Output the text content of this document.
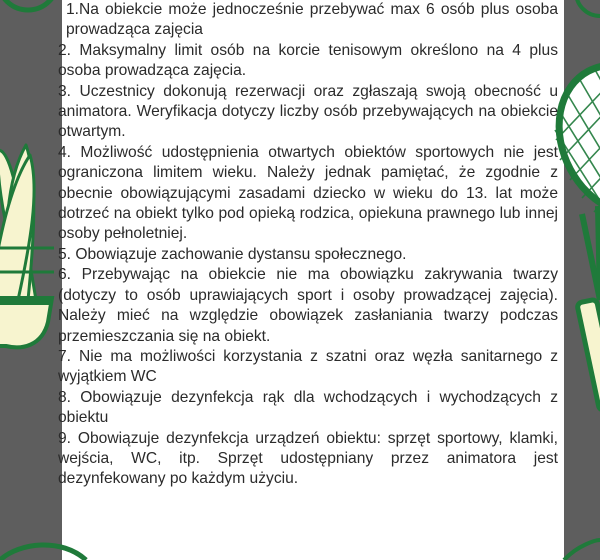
1.Na obiekcie może jednocześnie przebywać max 6 osób plus osoba prowadząca zajęcia

2. Maksymalny limit osób na korcie tenisowym określono na 4 plus osoba prowadząca zajęcia.

3. Uczestnicy dokonują rezerwacji oraz zgłaszają swoją obecność u animatora. Weryfikacja dotyczy liczby osób przebywających na obiekcie otwartym.

4. Możliwość udostępnienia otwartych obiektów sportowych nie jest ograniczona limitem wieku. Należy jednak pamiętać, że zgodnie z obecnie obowiązującymi zasadami dziecko w wieku do 13. lat może dotrzeć na obiekt tylko pod opieką rodzica, opiekuna prawnego lub innej osoby pełnoletniej.

5. Obowiązuje zachowanie dystansu społecznego.

6. Przebywając na obiekcie nie ma obowiązku zakrywania twarzy (dotyczy to osób uprawiających sport i osoby prowadzącej zajęcia). Należy mieć na względzie obowiązek zasłaniania twarzy podczas przemieszczania się na obiekt.

7. Nie ma możliwości korzystania z szatni oraz węzła sanitarnego z wyjątkiem WC

8. Obowiązuje dezynfekcja rąk dla wchodzących i wychodzących z obiektu

9. Obowiązuje dezynfekcja urządzeń obiektu: sprzęt sportowy, klamki, wejścia, WC, itp. Sprzęt udostępniany przez animatora jest dezynfekowany po każdym użyciu.
